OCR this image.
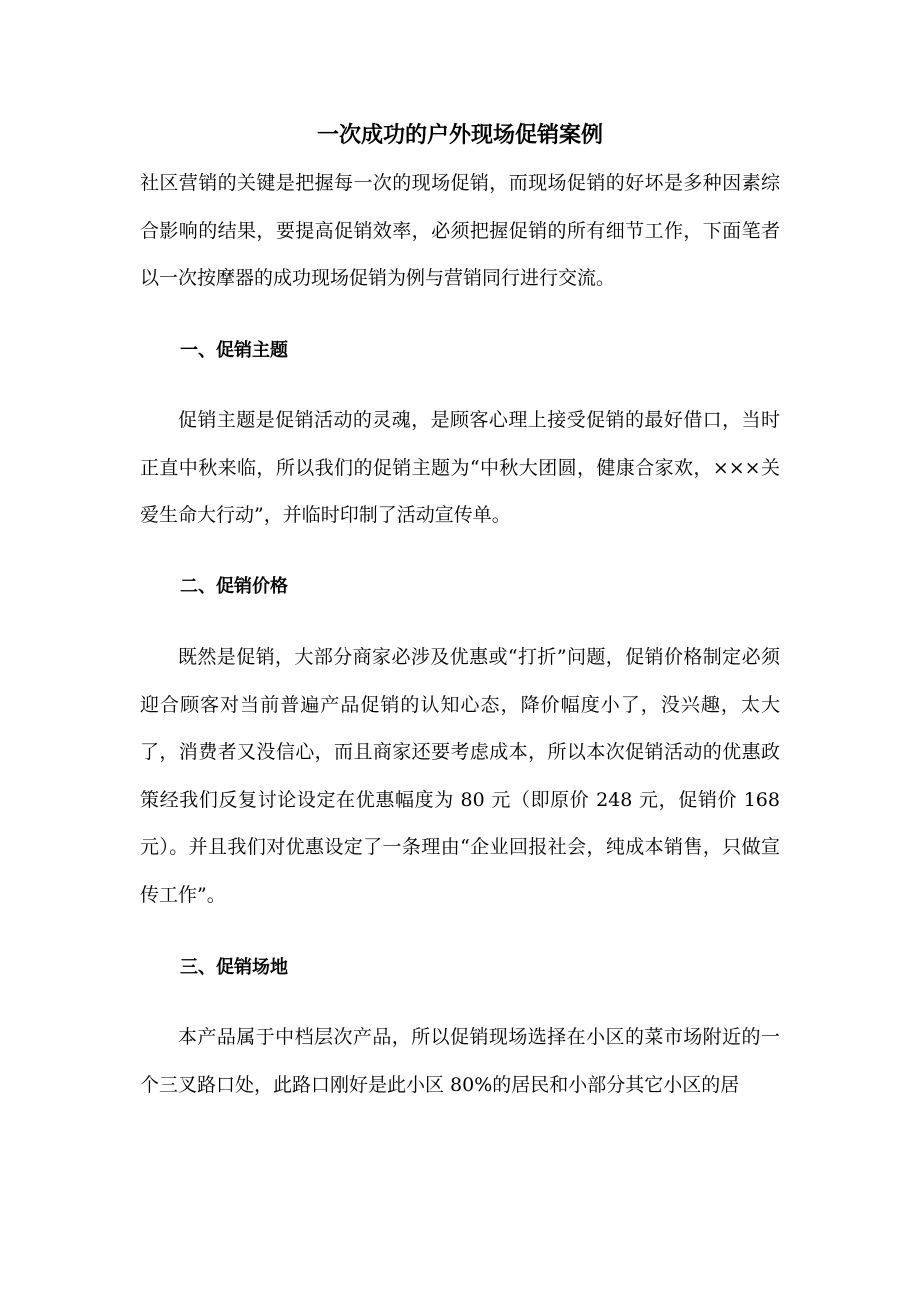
一次成功的户外现场促销案例

社区营销的关键是把握每一次的现场促销，而现场促销的好坏是多种因素综合影响的结果，要提高促销效率，必须把握促销的所有细节工作，下面笔者以一次按摩器的成功现场促销为例与营销同行进行交流。

一、促销主题

促销主题是促销活动的灵魂，是顾客心理上接受促销的最好借口，当时正直中秋来临，所以我们的促销主题为“中秋大团圆，健康合家欢，×××关爱生命大行动”，并临时印制了活动宣传单。

二、促销价格

既然是促销，大部分商家必涉及优惠或“打折”问题，促销价格制定必须迎合顾客对当前普遍产品促销的认知心态，降价幅度小了，没兴趣，太大了，消费者又没信心，而且商家还要考虑成本，所以本次促销活动的优惠政策经我们反复讨论设定在优惠幅度为 80 元（即原价 248 元，促销价 168 元）。并且我们对优惠设定了一条理由“企业回报社会，纯成本销售，只做宣传工作”。

三、促销场地

本产品属于中档层次产品，所以促销现场选择在小区的菜市场附近的一个三叉路口处，此路口刚好是此小区 80%的居民和小部分其它小区的居
